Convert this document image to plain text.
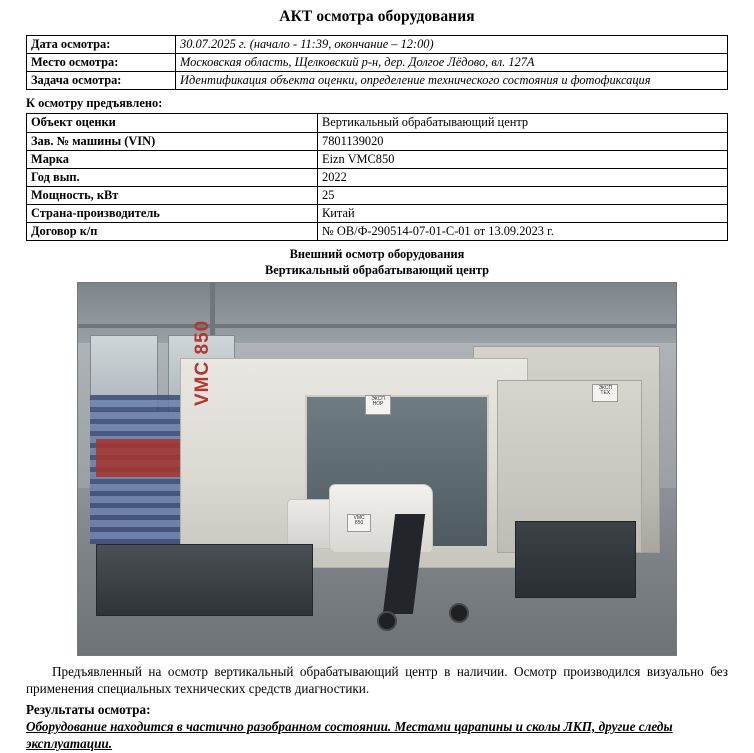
АКТ осмотра оборудования
Дата осмотра:	30.07.2025 г. (начало - 11:39, окончание – 12:00)
Место осмотра:	Московская область, Щелковский р-н, дер. Долгое Лёдово, вл. 127А
Задача осмотра:	Идентификация объекта оценки, определение технического состояния и фотофиксация
К осмотру предъявлено:
Объект оценки	Вертикальный обрабатывающий центр
Зав. № машины (VIN)	7801139020
Марка	Eizn VMC850
Год вып.	2022
Мощность, кВт	25
Страна-производитель	Китай
Договор к/п	№ ОВ/Ф-290514-07-01-С-01 от 13.09.2023 г.
Внешний осмотр оборудования
Вертикальный обрабатывающий центр
VMC 850	ЭКСП НОР
ЭКСП ТЕХ
VMC 850
Предъявленный на осмотр вертикальный обрабатывающий центр в наличии. Осмотр производился визуально без применения специальных технических средств диагностики.
Результаты осмотра:
Оборудование находится в частично разобранном состоянии. Местами царапины и сколы ЛКП, другие следы эксплуатации.
